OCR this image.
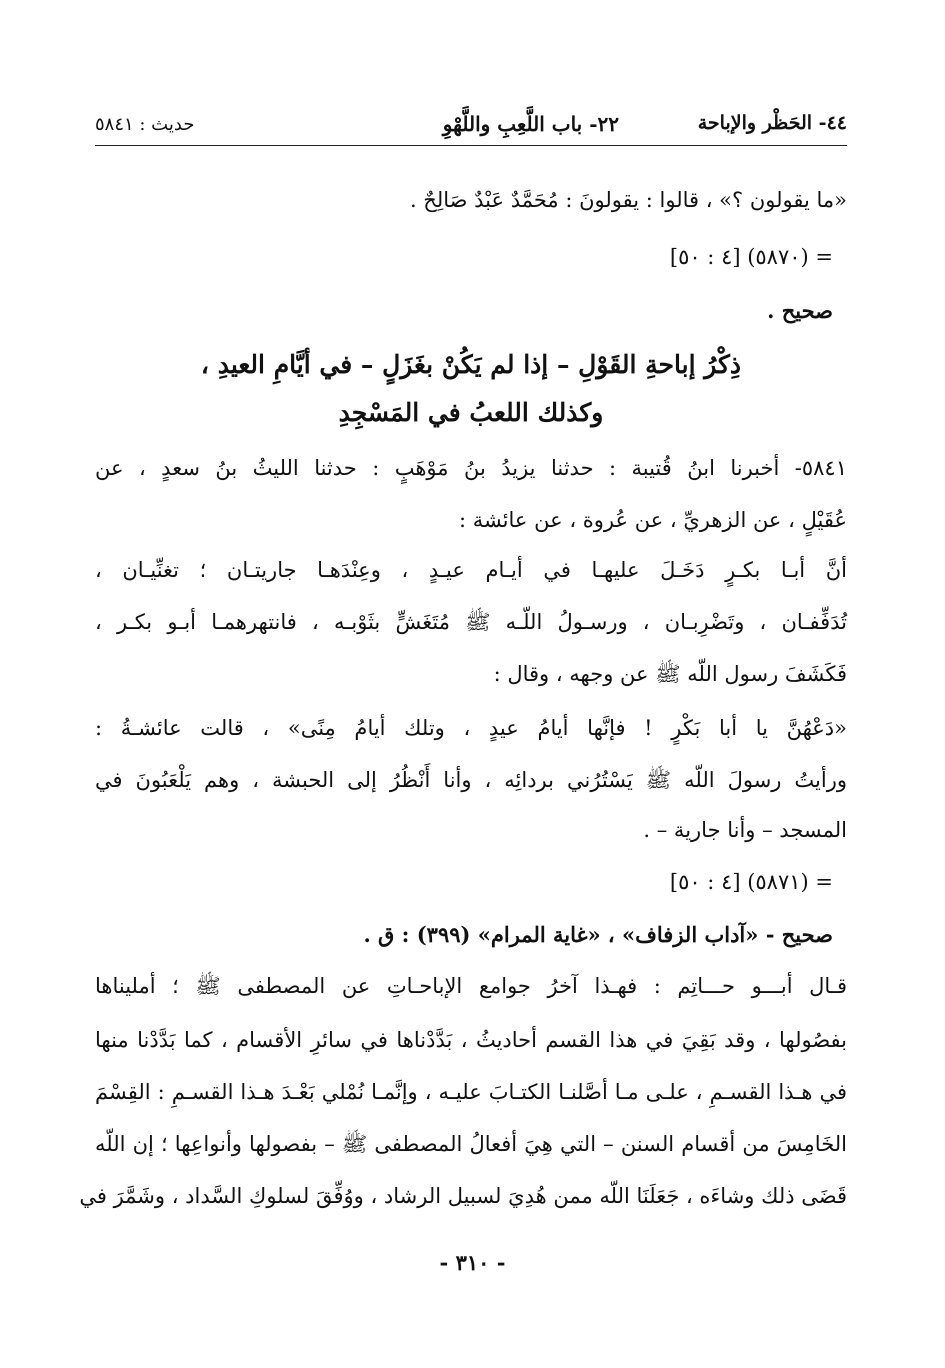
٤٤- الحَظْر والإباحة
٢٢- باب اللَّعِبِ واللَّهْوِ
حديث : ٥٨٤١
«ما يقولون ؟» ، قالوا : يقولونَ : مُحَمَّدٌ عَبْدٌ صَالِحٌ .
= (٥٨٧٠) [٤ : ٥٠]
صحيح .
ذِكْرُ إباحةِ القَوْلِ – إذا لم يَكُنْ بغَزَلٍ – في أيَّامِ العيدِ ،
وكذلك اللعبُ في المَسْجِدِ
٥٨٤١- أخبرنا ابنُ قُتيبة : حدثنا يزيدُ بنُ مَوْهَبٍ : حدثنا الليثُ بنُ سعدٍ ، عن
عُقَيْلٍ ، عن الزهريِّ ، عن عُروة ، عن عائشة :
أنَّ أبـا بكـرٍ دَخَـلَ عليهـا في أيـام عيـدٍ ، وعِنْدَهـا جاريتـان ؛ تغنِّيـان ،
تُدَفِّفـان ، وتَضْرِبـان ، ورسـولُ اللّـه ﷺ مُتَغَشٍّ بثَوْبـه ، فانتهرهمـا أبـو بكـر ،
فَكَشَفَ رسول اللّه ﷺ عن وجهه ، وقال :
«دَعْهُنَّ يا أبا بَكْرٍ ! فإنَّها أيامُ عيدٍ ، وتلك أيامُ مِنًى» ، قالت عائشـةُ :
ورأيتُ رسولَ اللّه ﷺ يَسْتُرُني بردائِه ، وأنا أَنْظُرُ إلى الحبشة ، وهم يَلْعَبُونَ في
المسجد – وأنا جارية – .
= (٥٨٧١) [٤ : ٥٠]
صحيح - «آداب الزفاف» ، «غاية المرام» (٣٩٩) : ق .
قـال أبـــو حـــاتِم : فهـذا آخرُ جوامع الإباحـاتِ عن المصطفى ﷺ ؛ أمليناها
بفصُولها ، وقد بَقِيَ في هذا القسم أحاديثُ ، بَدَّدْناها في سائرِ الأقسام ، كما بَدَّدْنا منها
في هـذا القسـمِ ، علـى مـا أصَّلنـا الكتـابَ عليـه ، وإنَّمـا نُمْلي بَعْـدَ هـذا القسـمِ : القِسْمَ
الخَامِسَ من أقسام السنن – التي هِيَ أفعالُ المصطفى ﷺ – بفصولها وأنواعِها ؛ إن اللّه
قَضَى ذلك وشاءَه ، جَعَلَنَا اللّه ممن هُدِيَ لسبيل الرشاد ، ووُفِّقَ لسلوكِ السَّداد ، وشَمَّرَ في
- ٣١٠ -
